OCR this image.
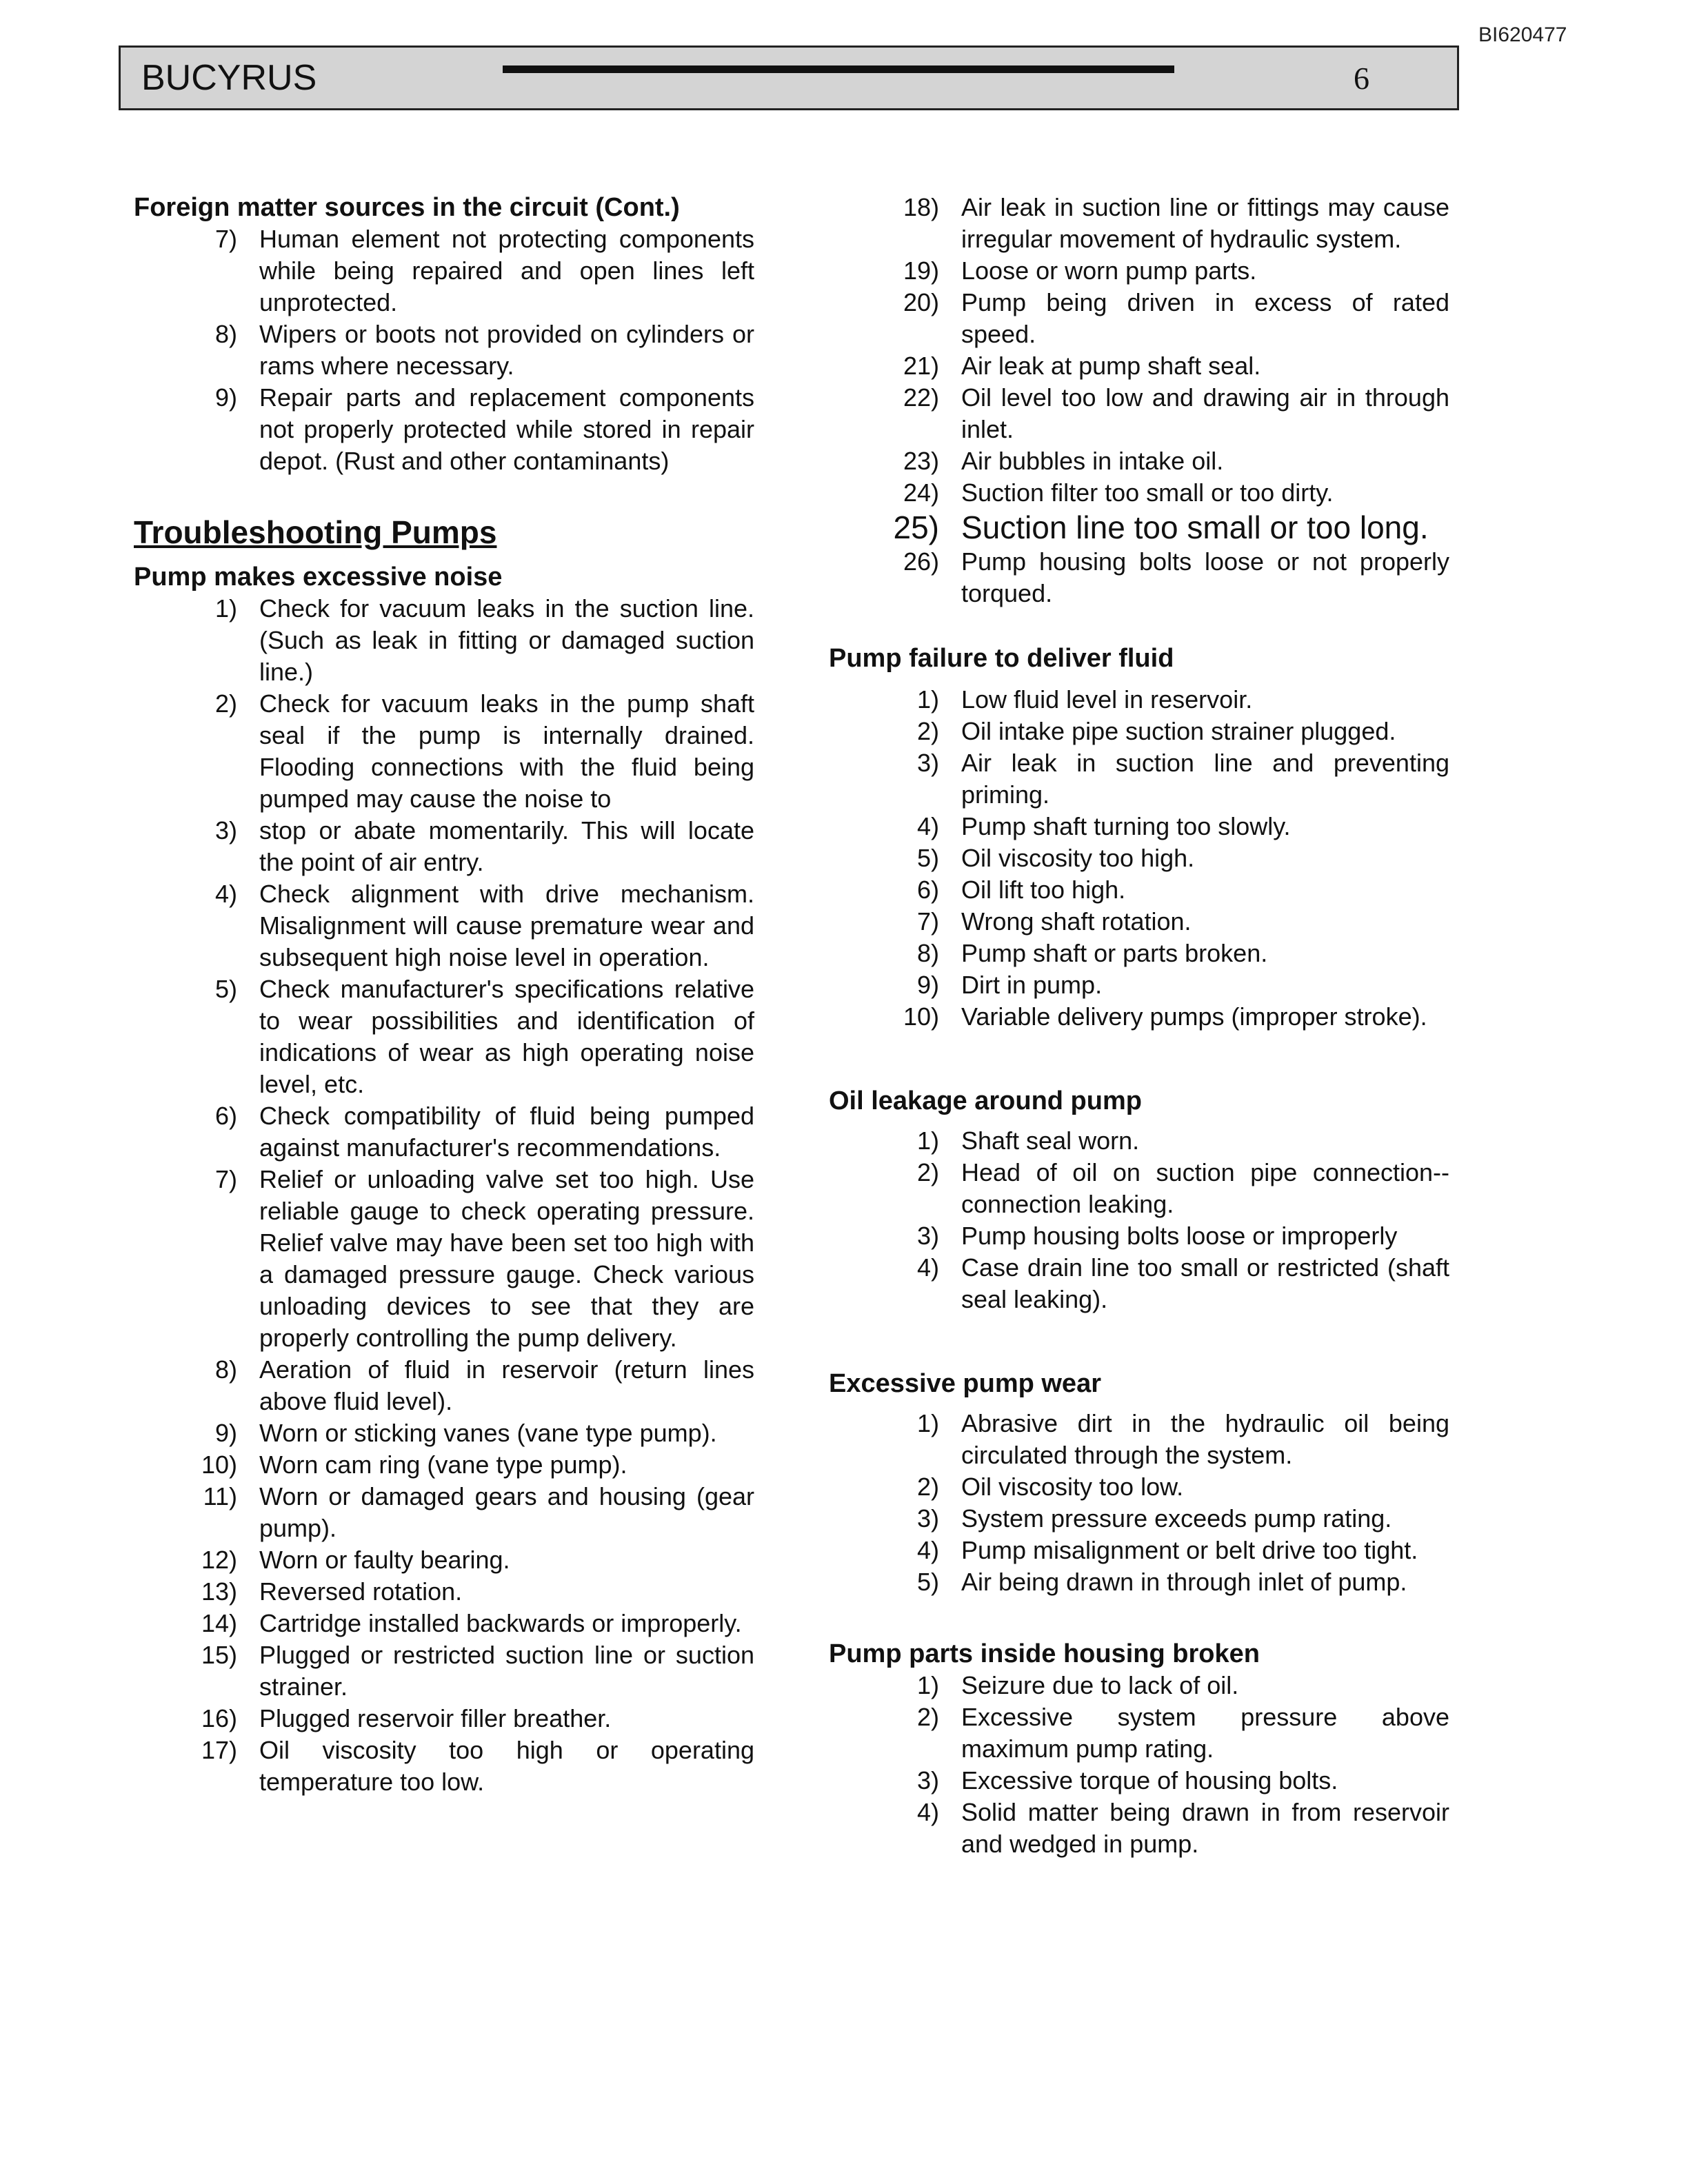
BI620477
BUCYRUS	6
Foreign matter sources in the circuit (Cont.)
7) Human element not protecting components while being repaired and open lines left unprotected.
8) Wipers or boots not provided on cylinders or rams where necessary.
9) Repair parts and replacement components not properly protected while stored in repair depot. (Rust and other contaminants)
Troubleshooting Pumps
Pump makes excessive noise
1) Check for vacuum leaks in the suction line. (Such as leak in fitting or damaged suction line.)
2) Check for vacuum leaks in the pump shaft seal if the pump is internally drained. Flooding connections with the fluid being pumped may cause the noise to
3) stop or abate momentarily. This will locate the point of air entry.
4) Check alignment with drive mechanism. Misalignment will cause premature wear and subsequent high noise level in operation.
5) Check manufacturer's specifications relative to wear possibilities and identification of indications of wear as high operating noise level, etc.
6) Check compatibility of fluid being pumped against manufacturer's recommendations.
7) Relief or unloading valve set too high. Use reliable gauge to check operating pressure. Relief valve may have been set too high with a damaged pressure gauge. Check various unloading devices to see that they are properly controlling the pump delivery.
8) Aeration of fluid in reservoir (return lines above fluid level).
9) Worn or sticking vanes (vane type pump).
10) Worn cam ring (vane type pump).
11) Worn or damaged gears and housing (gear pump).
12) Worn or faulty bearing.
13) Reversed rotation.
14) Cartridge installed backwards or improperly.
15) Plugged or restricted suction line or suction strainer.
16) Plugged reservoir filler breather.
17) Oil viscosity too high or operating temperature too low.
18) Air leak in suction line or fittings may cause irregular movement of hydraulic system.
19) Loose or worn pump parts.
20) Pump being driven in excess of rated speed.
21) Air leak at pump shaft seal.
22) Oil level too low and drawing air in through inlet.
23) Air bubbles in intake oil.
24) Suction filter too small or too dirty.
25) Suction line too small or too long.
26) Pump housing bolts loose or not properly torqued.
Pump failure to deliver fluid
1) Low fluid level in reservoir.
2) Oil intake pipe suction strainer plugged.
3) Air leak in suction line and preventing priming.
4) Pump shaft turning too slowly.
5) Oil viscosity too high.
6) Oil lift too high.
7) Wrong shaft rotation.
8) Pump shaft or parts broken.
9) Dirt in pump.
10) Variable delivery pumps (improper stroke).
Oil leakage around pump
1) Shaft seal worn.
2) Head of oil on suction pipe connection--connection leaking.
3) Pump housing bolts loose or improperly
4) Case drain line too small or restricted (shaft seal leaking).
Excessive pump wear
1) Abrasive dirt in the hydraulic oil being circulated through the system.
2) Oil viscosity too low.
3) System pressure exceeds pump rating.
4) Pump misalignment or belt drive too tight.
5) Air being drawn in through inlet of pump.
Pump parts inside housing broken
1) Seizure due to lack of oil.
2) Excessive system pressure above maximum pump rating.
3) Excessive torque of housing bolts.
4) Solid matter being drawn in from reservoir and wedged in pump.
